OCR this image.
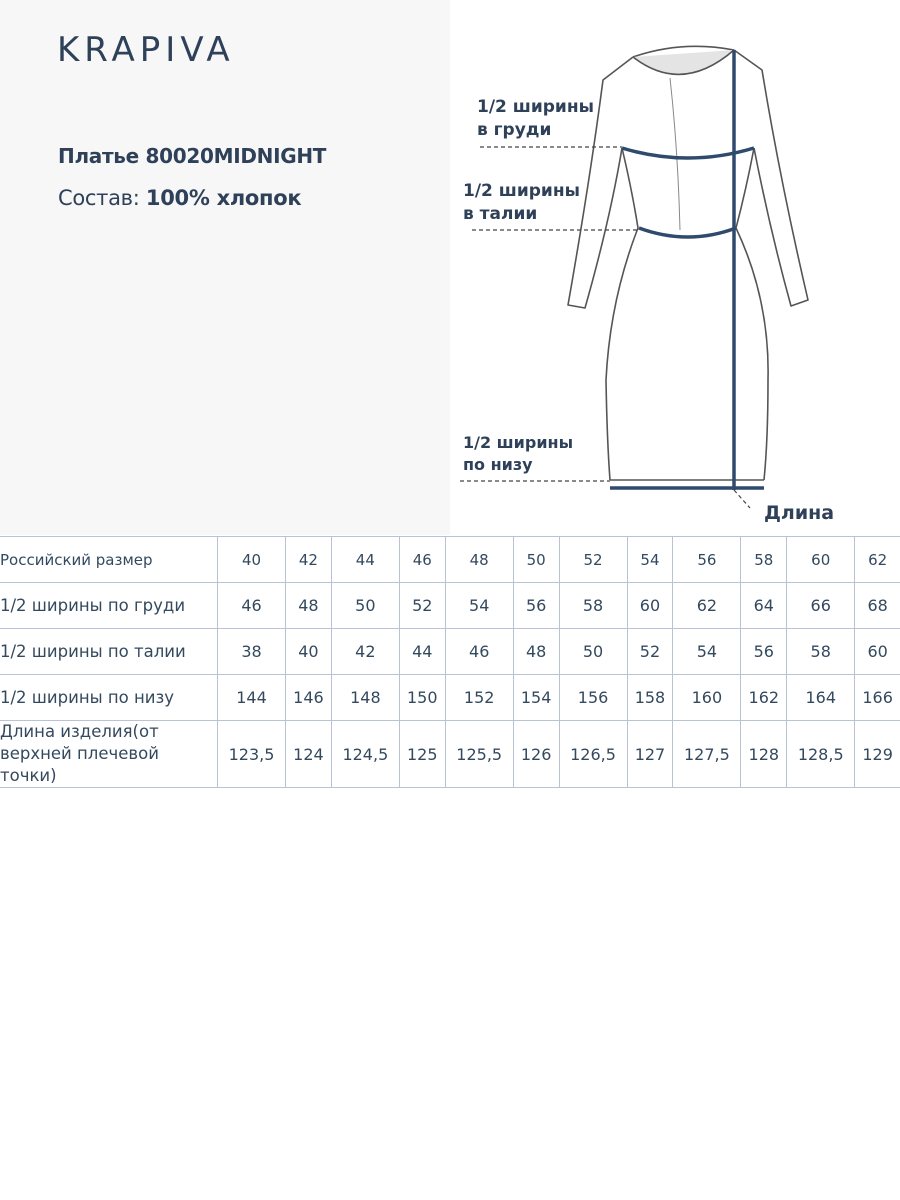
KRAPIVA
Платье 80020MIDNIGHT
Состав: 100% хлопок
1/2 ширины
в груди
1/2 ширины
в талии
1/2 ширины
по низу
Длина
Российский размер	40	42	44	46	48	50	52	54	56	58	60	62
1/2 ширины по груди	46	48	50	52	54	56	58	60	62	64	66	68
1/2 ширины по талии	38	40	42	44	46	48	50	52	54	56	58	60
1/2 ширины по низу	144	146	148	150	152	154	156	158	160	162	164	166
Длина изделия(от верхней плечевой точки)	123,5	124	124,5	125	125,5	126	126,5	127	127,5	128	128,5	129
